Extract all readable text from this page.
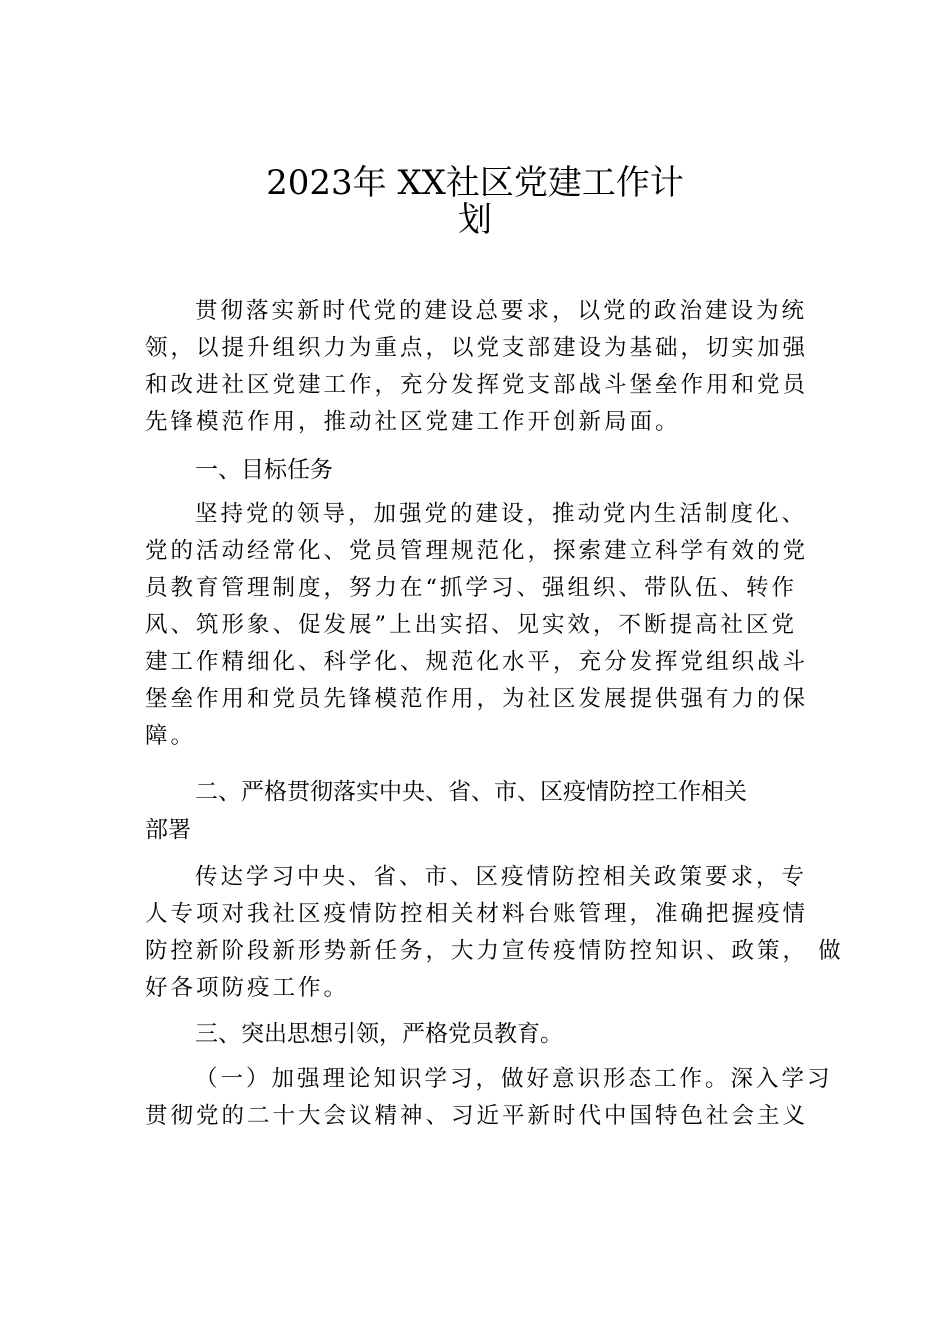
2023年 XX社区党建工作计
划
贯彻落实新时代党的建设总要求，以党的政治建设为统
领，以提升组织力为重点，以党支部建设为基础，切实加强
和改进社区党建工作，充分发挥党支部战斗堡垒作用和党员
先锋模范作用，推动社区党建工作开创新局面。
一、目标任务
坚持党的领导，加强党的建设，推动党内生活制度化、
党的活动经常化、党员管理规范化，探索建立科学有效的党
员教育管理制度，努力在“抓学习、强组织、带队伍、转作
风、筑形象、促发展”上出实招、见实效，不断提高社区党
建工作精细化、科学化、规范化水平，充分发挥党组织战斗
堡垒作用和党员先锋模范作用，为社区发展提供强有力的保
障。
二、严格贯彻落实中央、省、市、区疫情防控工作相关
部署
传达学习中央、省、市、区疫情防控相关政策要求，专
人专项对我社区疫情防控相关材料台账管理，准确把握疫情
防控新阶段新形势新任务，大力宣传疫情防控知识、政策， 做
好各项防疫工作。
三、突出思想引领，严格党员教育。
（一）加强理论知识学习，做好意识形态工作。深入学习
贯彻党的二十大会议精神、习近平新时代中国特色社会主义
